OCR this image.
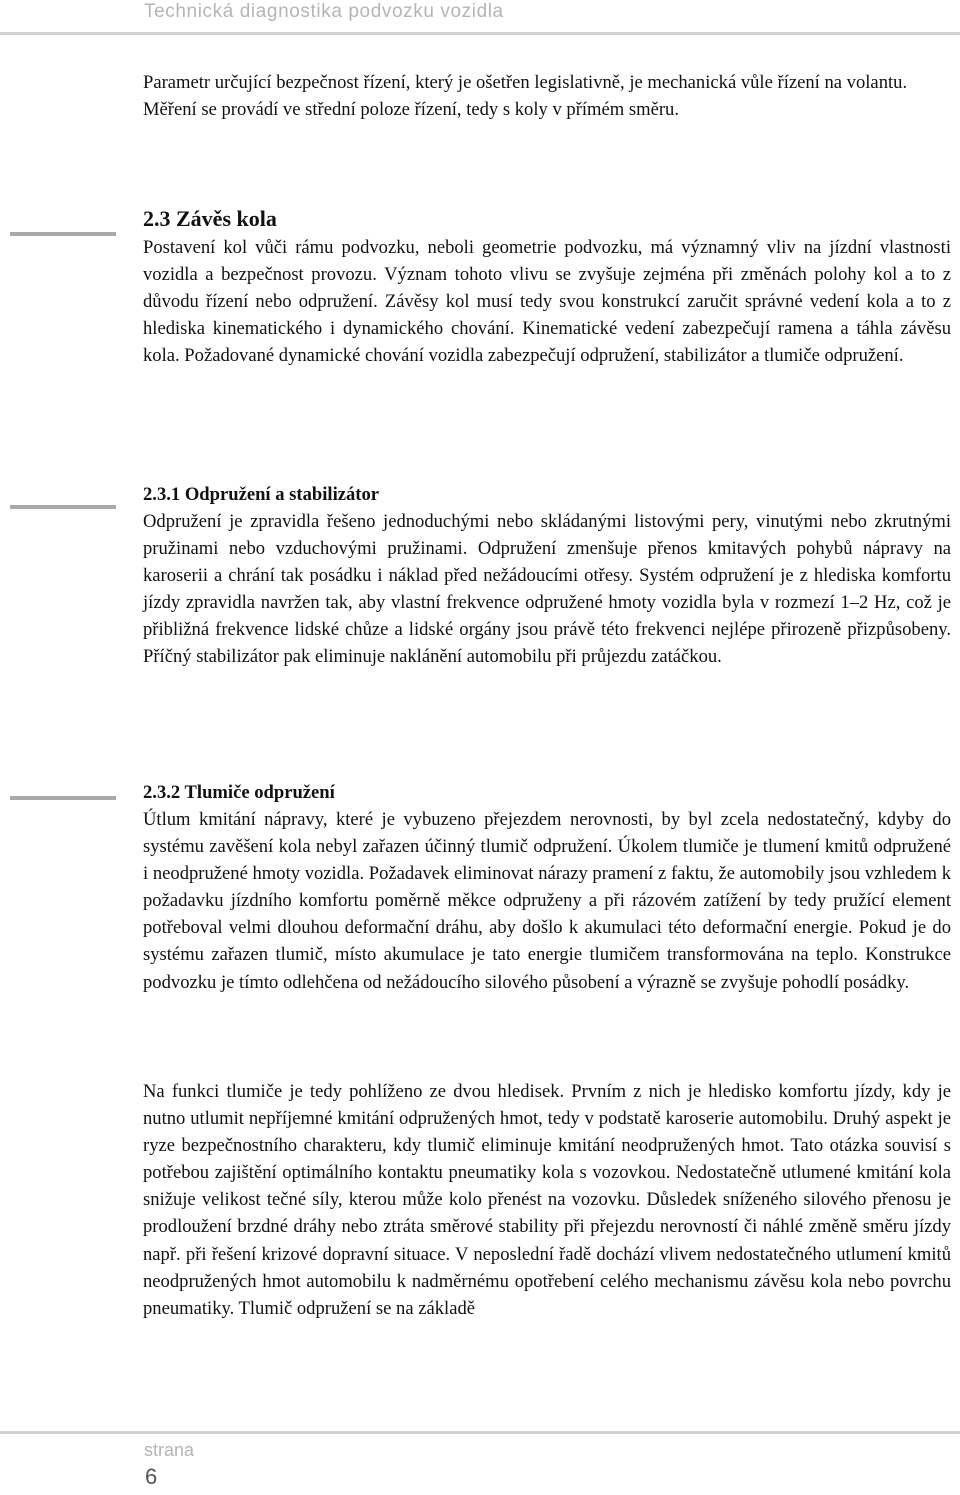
Technická diagnostika podvozku vozidla

Parametr určující bezpečnost řízení, který je ošetřen legislativně, je mechanická vůle řízení na volantu. Měření se provádí ve střední poloze řízení, tedy s koly v přímém směru.

2.3 Závěs kola

Postavení kol vůči rámu podvozku, neboli geometrie podvozku, má významný vliv na jízdní vlastnosti vozidla a bezpečnost provozu. Význam tohoto vlivu se zvyšuje zejména při změnách polohy kol a to z důvodu řízení nebo odpružení. Závěsy kol musí tedy svou konstrukcí zaručit správné vedení kola a to z hlediska kinematického i dynamického chování. Kinematické vedení zabezpečují ramena a táhla závěsu kola. Požadované dynamické chování vozidla zabezpečují odpružení, stabilizátor a tlumiče odpružení.

2.3.1 Odpružení a stabilizátor

Odpružení je zpravidla řešeno jednoduchými nebo skládanými listovými pery, vinutými nebo zkrutnými pružinami nebo vzduchovými pružinami. Odpružení zmenšuje přenos kmitavých pohybů nápravy na karoserii a chrání tak posádku i náklad před nežádoucími otřesy. Systém odpružení je z hlediska komfortu jízdy zpravidla navržen tak, aby vlastní frekvence odpružené hmoty vozidla byla v rozmezí 1–2 Hz, což je přibližná frekvence lidské chůze a lidské orgány jsou právě této frekvenci nejlépe přirozeně přizpůsobeny. Příčný stabilizátor pak eliminuje naklánění automobilu při průjezdu zatáčkou.

2.3.2 Tlumiče odpružení

Útlum kmitání nápravy, které je vybuzeno přejezdem nerovnosti, by byl zcela nedostatečný, kdyby do systému zavěšení kola nebyl zařazen účinný tlumič odpružení. Úkolem tlumiče je tlumení kmitů odpružené i neodpružené hmoty vozidla. Požadavek eliminovat nárazy pramení z faktu, že automobily jsou vzhledem k požadavku jízdního komfortu poměrně měkce odpruženy a při rázovém zatížení by tedy pružící element potřeboval velmi dlouhou deformační dráhu, aby došlo k akumulaci této deformační energie. Pokud je do systému zařazen tlumič, místo akumulace je tato energie tlumičem transformována na teplo. Konstrukce podvozku je tímto odlehčena od nežádoucího silového působení a výrazně se zvyšuje pohodlí posádky.

Na funkci tlumiče je tedy pohlíženo ze dvou hledisek. Prvním z nich je hledisko komfortu jízdy, kdy je nutno utlumit nepříjemné kmitání odpružených hmot, tedy v podstatě karoserie automobilu. Druhý aspekt je ryze bezpečnostního charakteru, kdy tlumič eliminuje kmitání neodpružených hmot. Tato otázka souvisí s potřebou zajištění optimálního kontaktu pneumatiky kola s vozovkou. Nedostatečně utlumené kmitání kola snižuje velikost tečné síly, kterou může kolo přenést na vozovku. Důsledek sníženého silového přenosu je prodloužení brzdné dráhy nebo ztráta směrové stability při přejezdu nerovností či náhlé změně směru jízdy např. při řešení krizové dopravní situace. V neposlední řadě dochází vlivem nedostatečného utlumení kmitů neodpružených hmot automobilu k nadměrnému opotřebení celého mechanismu závěsu kola nebo povrchu pneumatiky. Tlumič odpružení se na základě

strana
6
